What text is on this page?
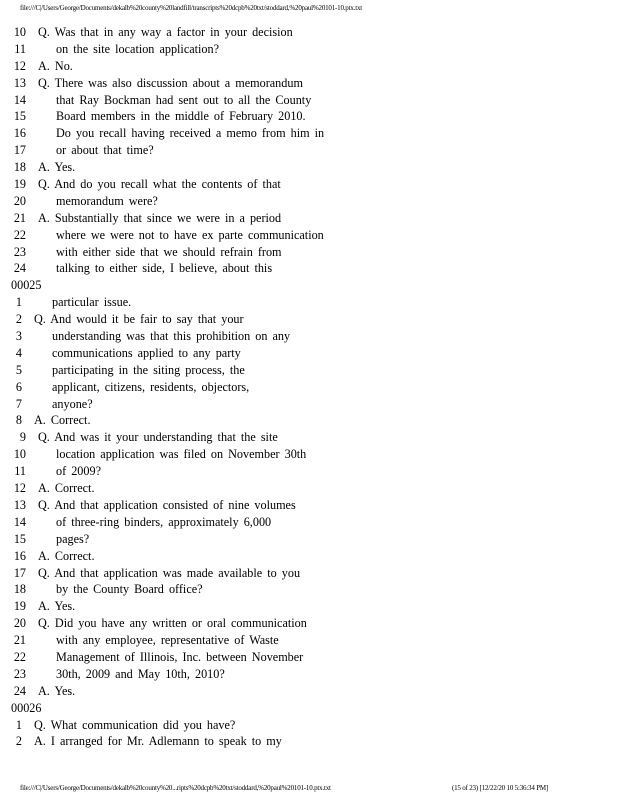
file:///C|/Users/George/Documents/dekalb%20county%20landfill/transcripts%20dcpb%20txt/stoddard,%20paul%20101-10.ptx.txt
10 Q. Was that in any way a factor in your decision
11 on the site location application?
12 A. No.
13 Q. There was also discussion about a memorandum
14 that Ray Bockman had sent out to all the County
15 Board members in the middle of February 2010.
16 Do you recall having received a memo from him in
17 or about that time?
18 A. Yes.
19 Q. And do you recall what the contents of that
20 memorandum were?
21 A. Substantially that since we were in a period
22 where we were not to have ex parte communication
23 with either side that we should refrain from
24 talking to either side, I believe, about this
00025
1 particular issue.
2 Q. And would it be fair to say that your
3 understanding was that this prohibition on any
4 communications applied to any party
5 participating in the siting process, the
6 applicant, citizens, residents, objectors,
7 anyone?
8 A. Correct.
9 Q. And was it your understanding that the site
10 location application was filed on November 30th
11 of 2009?
12 A. Correct.
13 Q. And that application consisted of nine volumes
14 of three-ring binders, approximately 6,000
15 pages?
16 A. Correct.
17 Q. And that application was made available to you
18 by the County Board office?
19 A. Yes.
20 Q. Did you have any written or oral communication
21 with any employee, representative of Waste
22 Management of Illinois, Inc. between November
23 30th, 2009 and May 10th, 2010?
24 A. Yes.
00026
1 Q. What communication did you have?
2 A. I arranged for Mr. Adlemann to speak to my
file:///C|/Users/George/Documents/dekalb%20county%20...ripts%20dcpb%20txt/stoddard,%20paul%20101-10.ptx.txt	(15 of 23) [12/22/20 10 5:36:34 PM]
